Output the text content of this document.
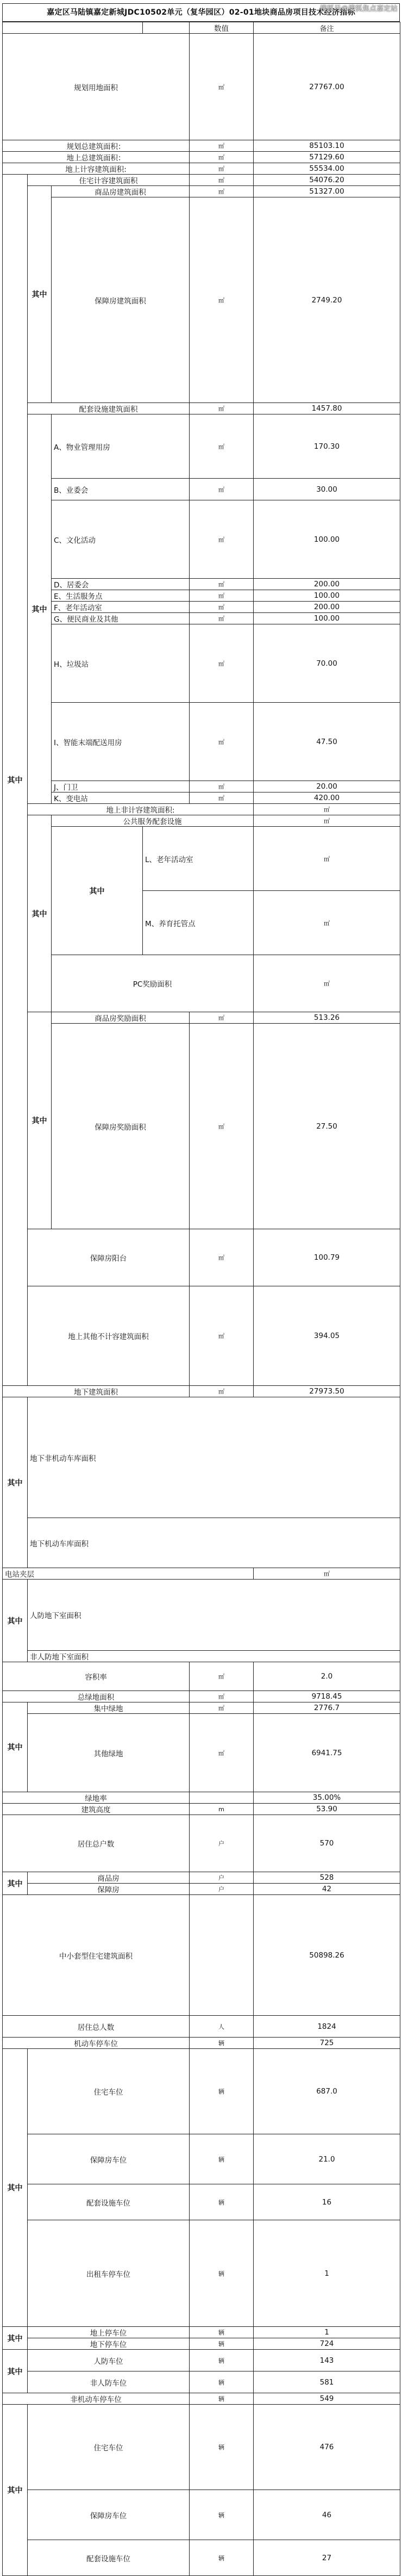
嘉定区马陆镇嘉定新城JDC10502单元（复华园区）02-01地块商品房项目技术经济指标
搜狐号@搜狐焦点嘉定站
				数值	备注	
规划用地面积				㎡	27767.00	
规划总建筑面积：				㎡	85103.10	
地上总建筑面积：				㎡	57129.60	
地上计容建筑面积:				㎡	55534.00	
其中	住宅计容建筑面积			㎡	54076.20	
	其中	商品房建筑面积		㎡	51327.00	
		保障房建筑面积		㎡	2749.20	
	配套设施建筑面积			㎡	1457.80	
	其中	A、物业管理用房		㎡	170.30	
		B、业委会		㎡	30.00	
		C、文化活动		㎡	100.00	
		D、居委会		㎡	200.00	
		E、生活服务点		㎡	100.00	
		F、老年活动室		㎡	200.00	
		G、便民商业及其他		㎡	100.00	
		H、垃圾站		㎡	70.00	
		I、智能末端配送用房		㎡	47.50	
		J、门卫		㎡	20.00	
		K、变电站		㎡	420.00	
	地上非计容建筑面积:				㎡		
	其中	公共服务配套设施			㎡		
		其中	L、老年活动室		㎡		
			M、养育托管点		㎡		
		PC奖励面积			㎡		
	其中	商品房奖励面积		㎡	513.26	
		保障房奖励面积		㎡	27.50	
	保障房阳台			㎡	100.79	
	地上其他不计容建筑面积			㎡	394.05	
地下建筑面积				㎡	27973.50	
其中	地下非机动车库面积			
	地下机动车库面积			
电站夹层					㎡		
其中	人防地下室面积			
	非人防地下室面积			
容积率				㎡	2.0	
总绿地面积				㎡	9718.45	
其中	集中绿地			㎡	2776.7	
	其他绿地			㎡	6941.75	
绿地率					35.00%	
建筑高度				m	53.90	
居住总户数				户	570	
其中	商品房			户	528	
	保障房			户	42	
中小套型住宅建筑面积					50898.26	
居住总人数				人	1824	
机动车停车位				辆	725	
其中	住宅车位			辆	687.0	
	保障房车位			辆	21.0	
	配套设施车位			辆	16	
	出租车停车位			辆	1	
其中	地上停车位			辆	1	
	地下停车位			辆	724	
其中	人防车位			辆	143	
	非人防车位			辆	581	
非机动车停车位				辆	549	
其中	住宅车位			辆	476	
	保障房车位			辆	46	
	配套设施车位			辆	27	
